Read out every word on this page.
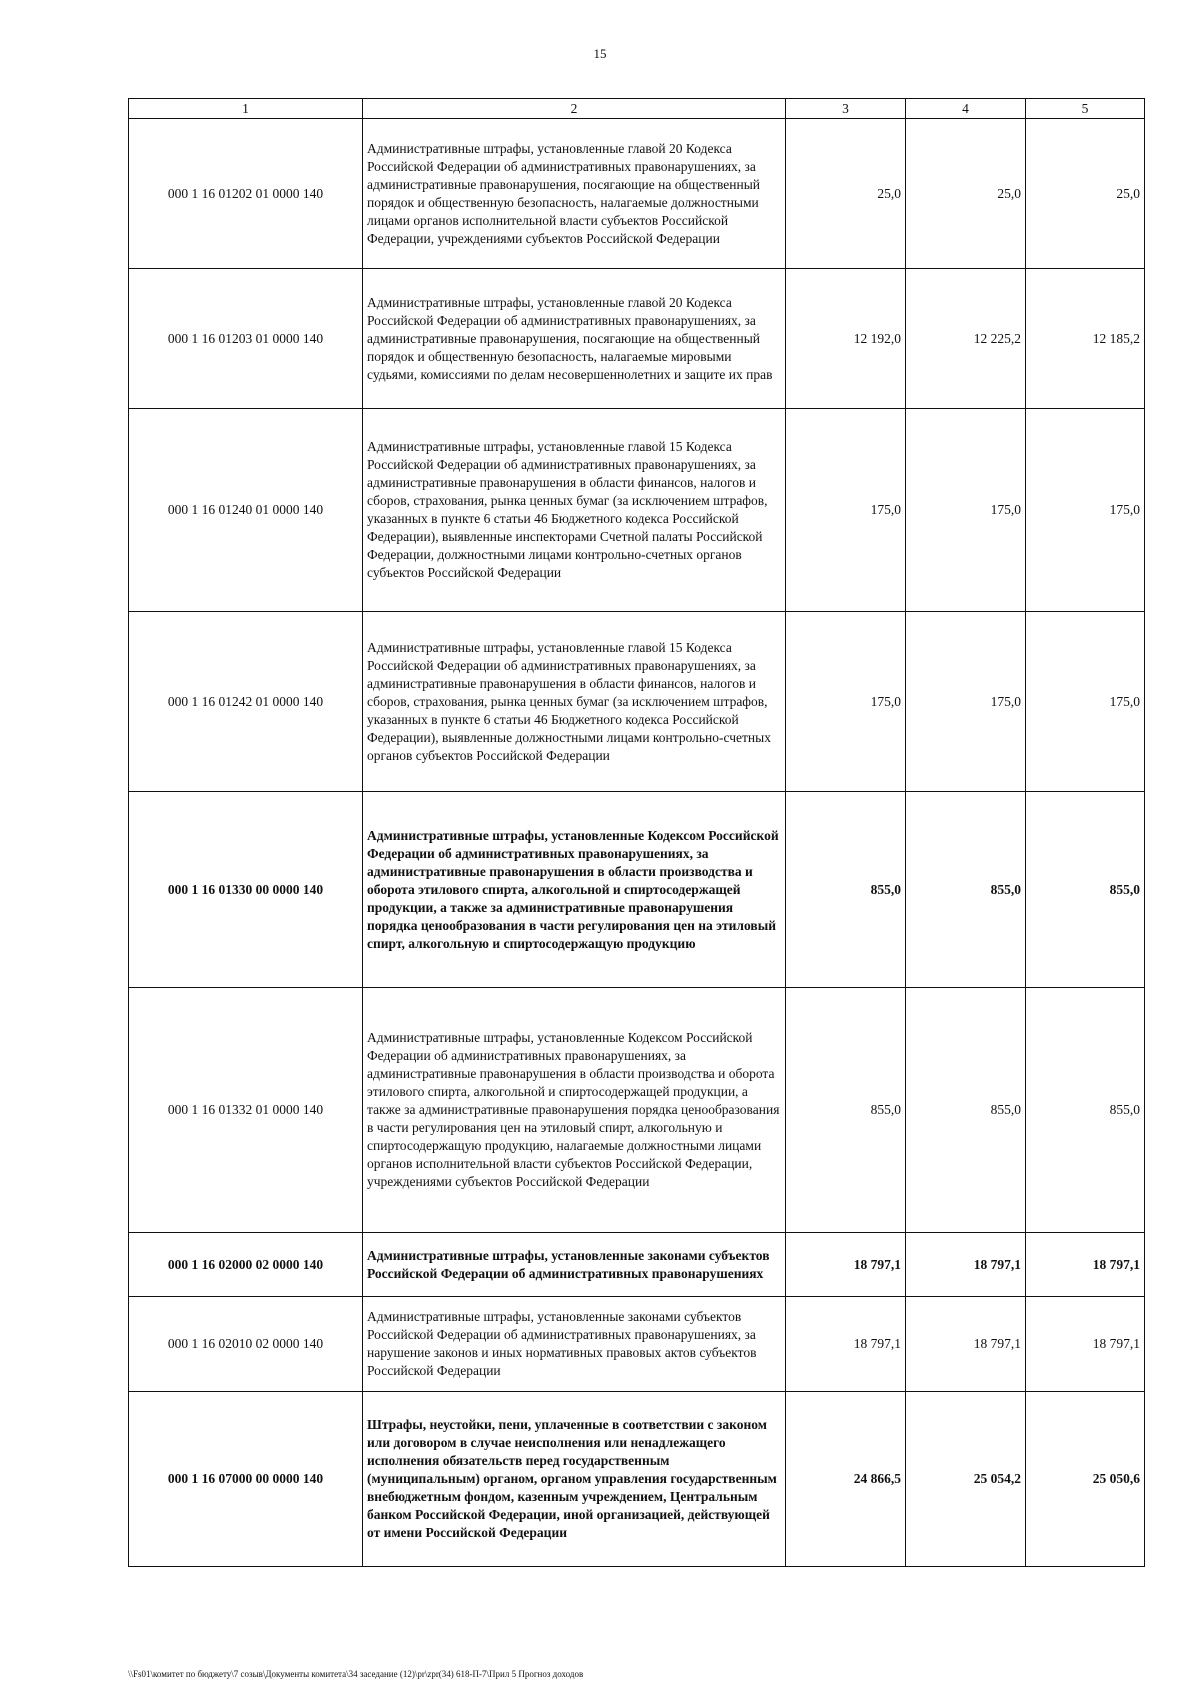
15
1	2	3	4	5
000 1 16 01202 01 0000 140	Административные штрафы, установленные главой 20 Кодекса Российской Федерации об административных правонарушениях, за административные правонарушения, посягающие на общественный порядок и общественную безопасность, налагаемые должностными лицами органов исполнительной власти субъектов Российской Федерации, учреждениями субъектов Российской Федерации	25,0	25,0	25,0
000 1 16 01203 01 0000 140	Административные штрафы, установленные главой 20 Кодекса Российской Федерации об административных правонарушениях, за административные правонарушения, посягающие на общественный порядок и общественную безопасность, налагаемые мировыми судьями, комиссиями по делам несовершеннолетних и защите их прав	12 192,0	12 225,2	12 185,2
000 1 16 01240 01 0000 140	Административные штрафы, установленные главой 15 Кодекса Российской Федерации об административных правонарушениях, за административные правонарушения в области финансов, налогов и сборов, страхования, рынка ценных бумаг (за исключением штрафов, указанных в пункте 6 статьи 46 Бюджетного кодекса Российской Федерации), выявленные инспекторами Счетной палаты Российской Федерации, должностными лицами контрольно-счетных органов субъектов Российской Федерации	175,0	175,0	175,0
000 1 16 01242 01 0000 140	Административные штрафы, установленные главой 15 Кодекса Российской Федерации об административных правонарушениях, за административные правонарушения в области финансов, налогов и сборов, страхования, рынка ценных бумаг (за исключением штрафов, указанных в пункте 6 статьи 46 Бюджетного кодекса Российской Федерации), выявленные должностными лицами контрольно-счетных органов субъектов Российской Федерации	175,0	175,0	175,0
000 1 16 01330 00 0000 140	Административные штрафы, установленные Кодексом Российской Федерации об административных правонарушениях, за административные правонарушения в области производства и оборота этилового спирта, алкогольной и спиртосодержащей продукции, а также за административные правонарушения порядка ценообразования в части регулирования цен на этиловый спирт, алкогольную и спиртосодержащую продукцию	855,0	855,0	855,0
000 1 16 01332 01 0000 140	Административные штрафы, установленные Кодексом Российской Федерации об административных правонарушениях, за административные правонарушения в области производства и оборота этилового спирта, алкогольной и спиртосодержащей продукции, а также за административные правонарушения порядка ценообразования в части регулирования цен на этиловый спирт, алкогольную и спиртосодержащую продукцию, налагаемые должностными лицами органов исполнительной власти субъектов Российской Федерации, учреждениями субъектов Российской Федерации	855,0	855,0	855,0
000 1 16 02000 02 0000 140	Административные штрафы, установленные законами субъектов Российской Федерации об административных правонарушениях	18 797,1	18 797,1	18 797,1
000 1 16 02010 02 0000 140	Административные штрафы, установленные законами субъектов Российской Федерации об административных правонарушениях, за нарушение законов и иных нормативных правовых актов субъектов Российской Федерации	18 797,1	18 797,1	18 797,1
000 1 16 07000 00 0000 140	Штрафы, неустойки, пени, уплаченные в соответствии с законом или договором в случае неисполнения или ненадлежащего исполнения обязательств перед государственным (муниципальным) органом, органом управления государственным внебюджетным фондом, казенным учреждением, Центральным банком Российской Федерации, иной организацией, действующей от имени Российской Федерации	24 866,5	25 054,2	25 050,6
\\Fs01\комитет по бюджету\7 созыв\Документы комитета\34 заседание (12)\pr\zpr(34) 618-П-7\Прил 5 Прогноз доходов
